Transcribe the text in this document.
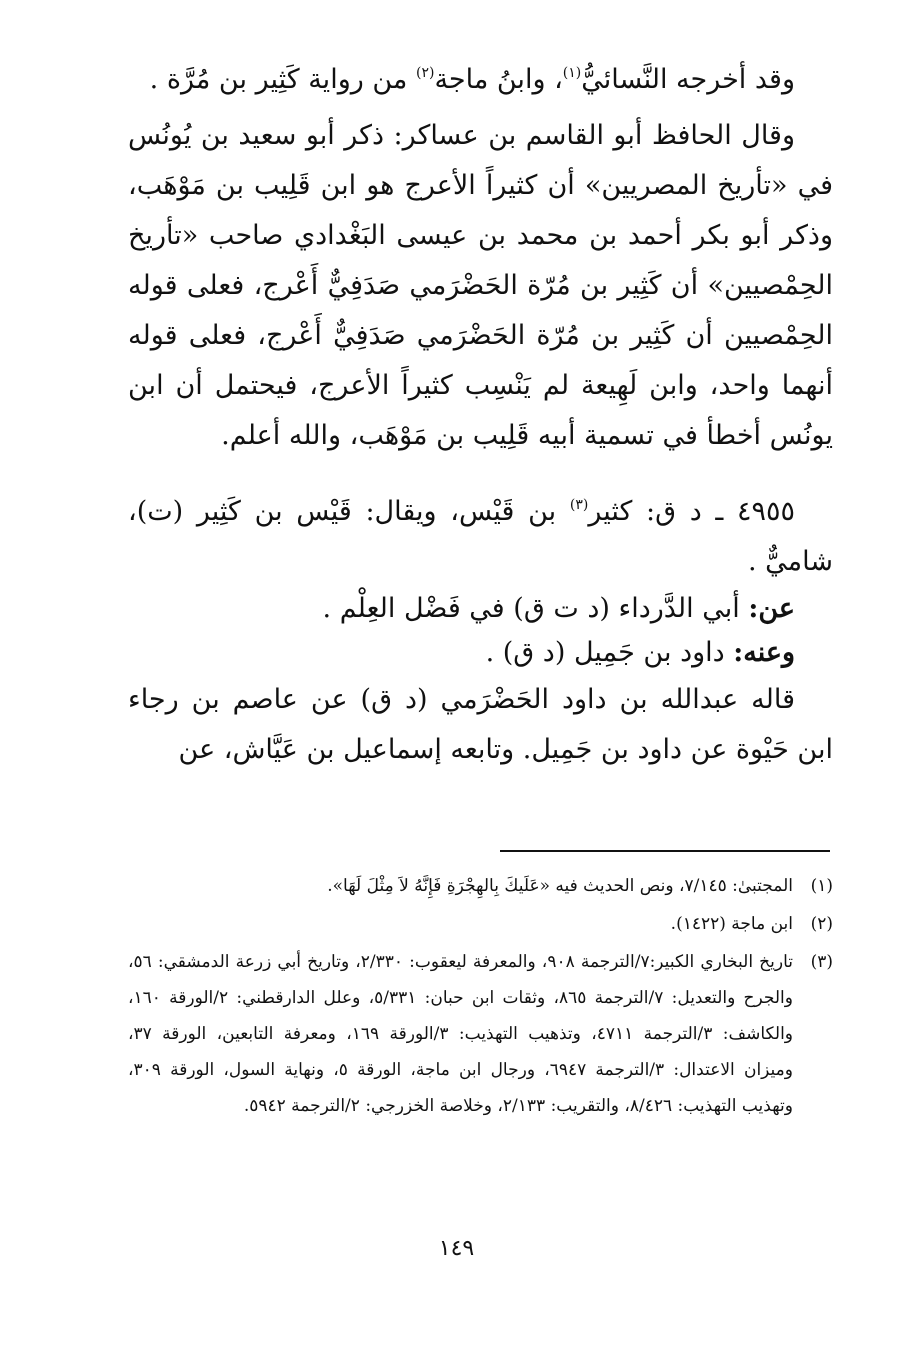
وقد أخرجه النَّسائيُّ$^{(١)}$، وابنُ ماجة$^{(٢)}$ من رواية كَثِير بن مُرَّة .

وقال الحافظ أبو القاسم بن عساكر: ذكر أبو سعيد بن يُونُس في «تأريخ المصريين» أن كثيراً الأعرج هو ابن قَلِيب بن مَوْهَب، وذكر أبو بكر أحمد بن محمد بن عيسى البَغْدادي صاحب «تأريخ الحِمْصيين» أن كَثِير بن مُرّة الحَضْرَمي صَدَفِيٌّ أَعْرج، فعلى قوله الحِمْصيين أن كَثِير بن مُرّة الحَضْرَمي صَدَفِيٌّ أَعْرج، فعلى قوله أنهما واحد، وابن لَهِيعة لم يَنْسِب كثيراً الأعرج، فيحتمل أن ابن يونُس أخطأ في تسمية أبيه قَلِيب بن مَوْهَب، والله أعلم.

٤٩٥٥ ـ د ق: كثير$^{(٣)}$ بن قَيْس، ويقال: قَيْس بن كَثِير (ت)، شاميٌّ .

عن: أبي الدَّرداء (د ت ق) في فَضْل العِلْم .

وعنه: داود بن جَمِيل (د ق) .

قاله عبدالله بن داود الحَضْرَمي (د ق) عن عاصم بن رجاء ابن حَيْوة عن داود بن جَمِيل. وتابعه إسماعيل بن عَيَّاش، عن

(١)
المجتبىٰ: ٧/١٤٥، ونص الحديث فيه «عَلَيكَ بِالهِجْرَةِ فَإِنَّهُ لاَ مِثْلَ لَهَا».
(٢)
ابن ماجة (١٤٢٢).
(٣)
تاريخ البخاري الكبير:٧/الترجمة ٩٠٨، والمعرفة ليعقوب: ٢/٣٣٠، وتاريخ أبي زرعة الدمشقي: ٥٦، والجرح والتعديل: ٧/الترجمة ٨٦٥، وثقات ابن حبان: ٥/٣٣١، وعلل الدارقطني: ٢/الورقة ١٦٠، والكاشف: ٣/الترجمة ٤٧١١، وتذهيب التهذيب: ٣/الورقة ١٦٩، ومعرفة التابعين، الورقة ٣٧، وميزان الاعتدال: ٣/الترجمة ٦٩٤٧، ورجال ابن ماجة، الورقة ٥، ونهاية السول، الورقة ٣٠٩، وتهذيب التهذيب: ٨/٤٢٦، والتقريب: ٢/١٣٣، وخلاصة الخزرجي: ٢/الترجمة ٥٩٤٢.
١٤٩
